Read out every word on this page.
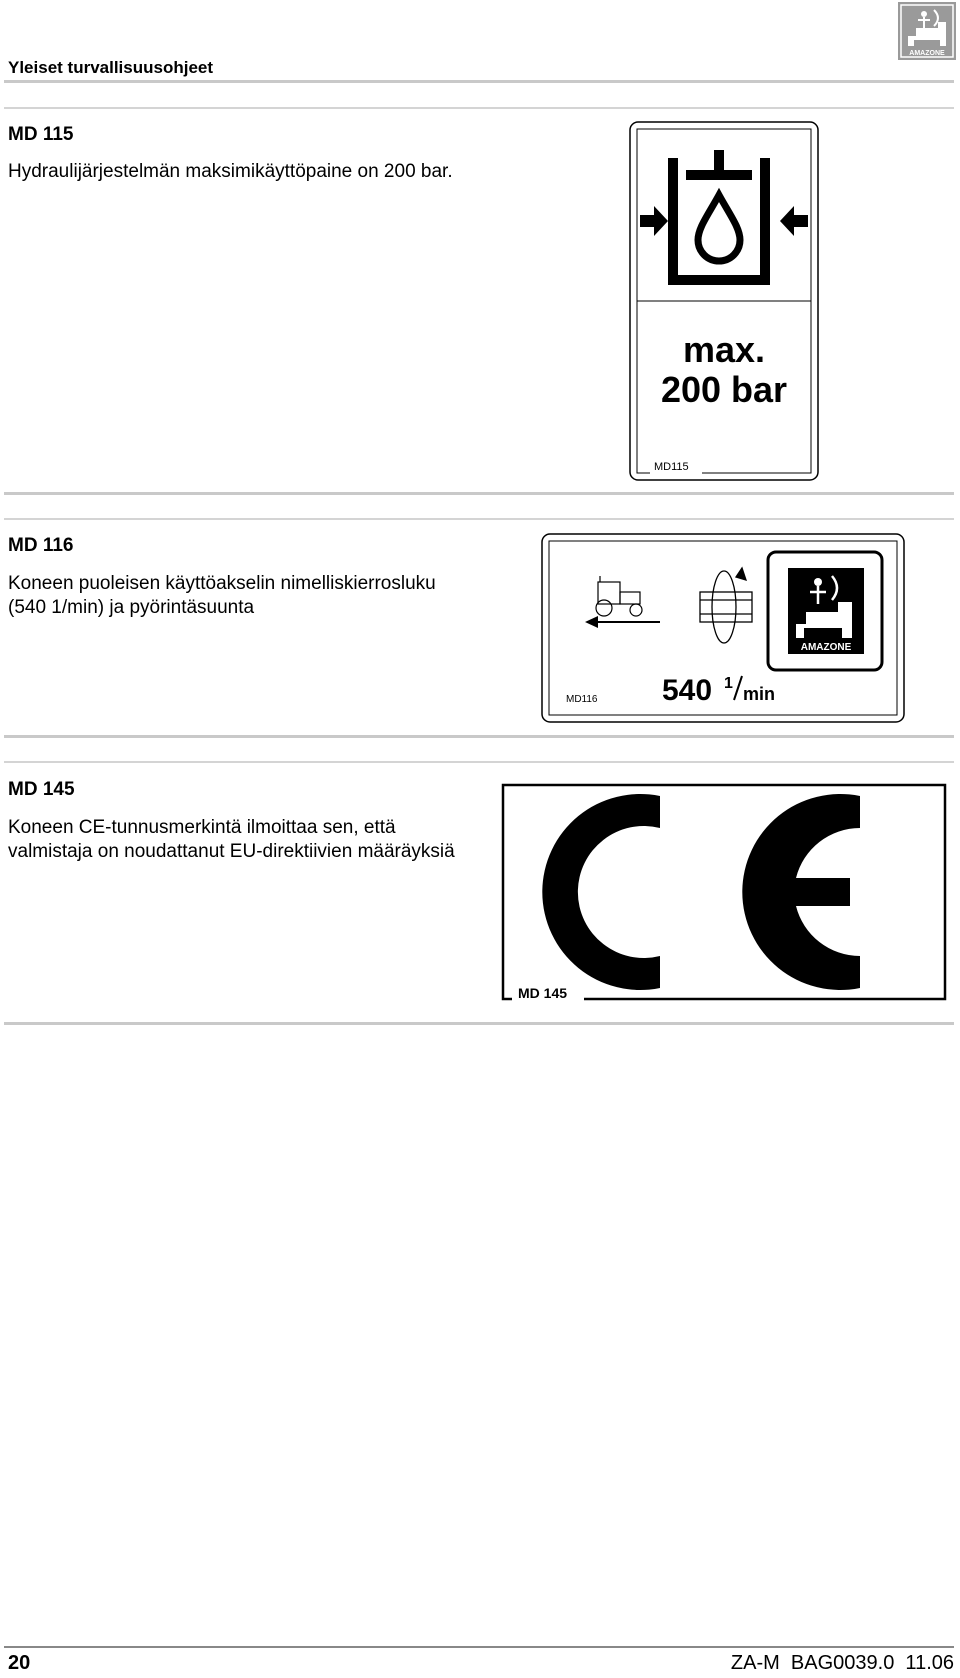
Yleiset turvallisuusohjeet
AMAZONE
MD 115
Hydraulijärjestelmän maksimikäyttöpaine on 200 bar.
max.
200 bar
MD115
MD 116
Koneen puoleisen käyttöakselin nimelliskierrosluku (540 1/min) ja pyörintäsuunta
AMAZONE
MD116 540 1
min
MD 145
Koneen CE-tunnusmerkintä ilmoittaa sen, että valmistaja on noudattanut EU-direktiivien määräyksiä
MD 145
20	ZA-M  BAG0039.0  11.06
